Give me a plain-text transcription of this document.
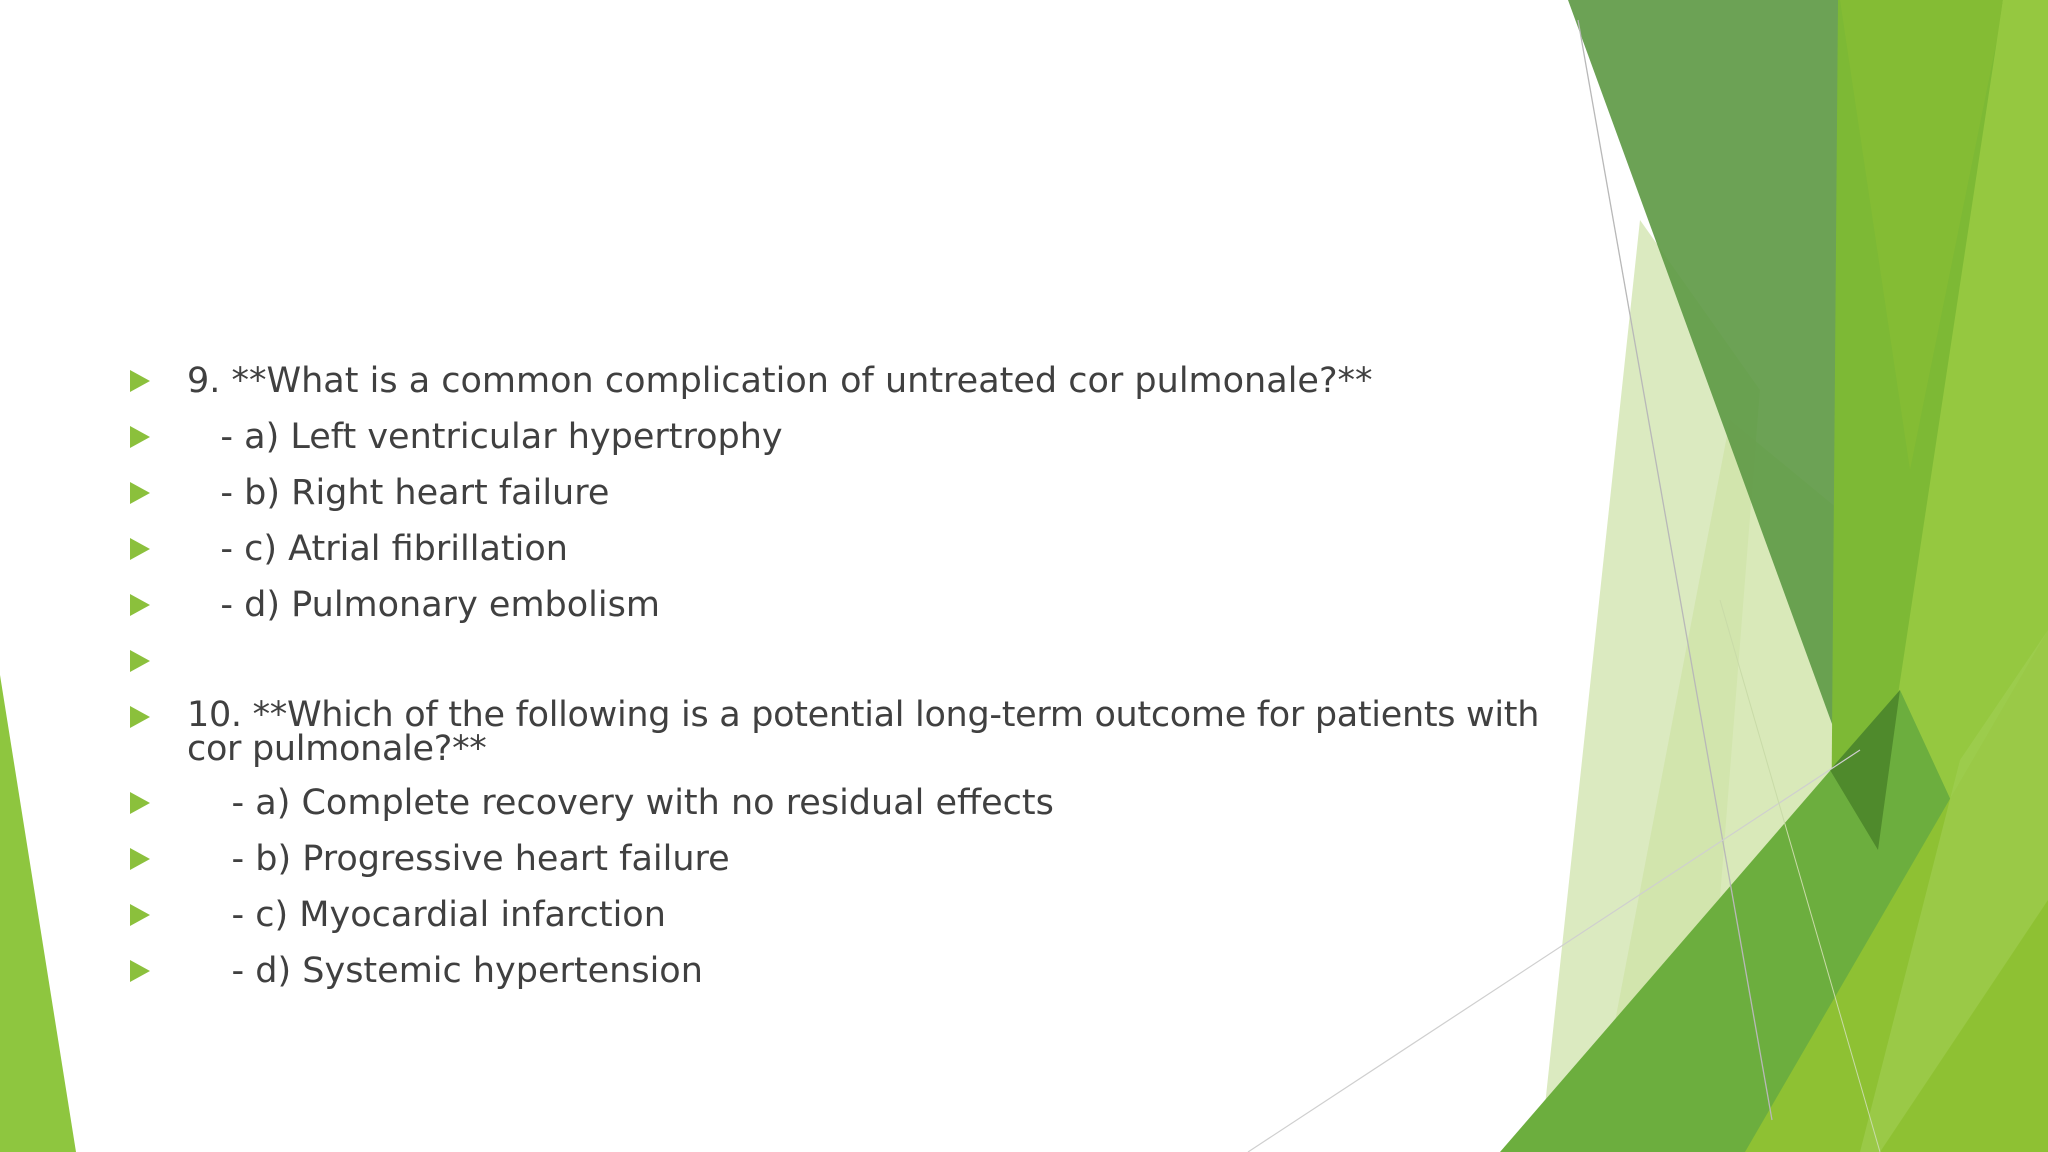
9. **What is a common complication of untreated cor pulmonale?**
- a) Left ventricular hypertrophy
- b) Right heart failure
- c) Atrial fibrillation
- d) Pulmonary embolism
10. **Which of the following is a potential long-term outcome for patients with cor pulmonale?**
- a) Complete recovery with no residual effects
- b) Progressive heart failure
- c) Myocardial infarction
- d) Systemic hypertension
